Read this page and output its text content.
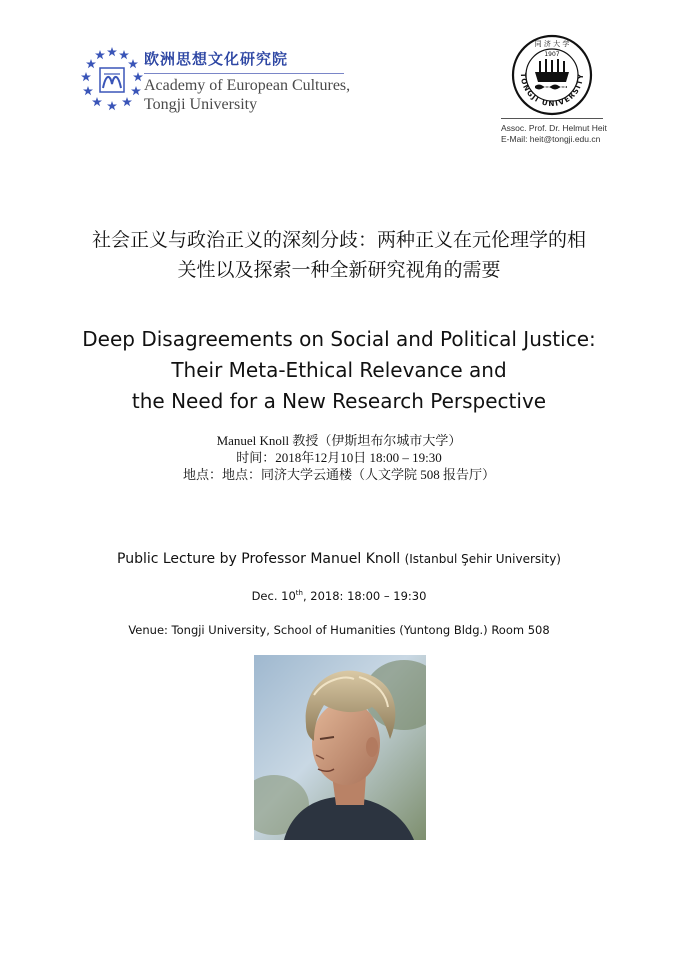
欧洲思想文化研究院
Academy of European Cultures,
Tongji University
TONGJI UNIVERSITY
同 济 大 学
1907
Assoc. Prof. Dr. Helmut Heit
E-Mail: heit@tongji.edu.cn
社会正义与政治正义的深刻分歧：两种正义在元伦理学的相
关性以及探索一种全新研究视角的需要
Deep Disagreements on Social and Political Justice:
Their Meta-Ethical Relevance and
the Need for a New Research Perspective
Manuel Knoll 教授（伊斯坦布尔城市大学）
时间：2018年12月10日 18:00 – 19:30
地点：地点：同济大学云通楼（人文学院 508 报告厅）
Public Lecture by Professor Manuel Knoll (Istanbul Şehir University)
Dec. 10th, 2018: 18:00 – 19:30
Venue: Tongji University, School of Humanities (Yuntong Bldg.) Room 508
